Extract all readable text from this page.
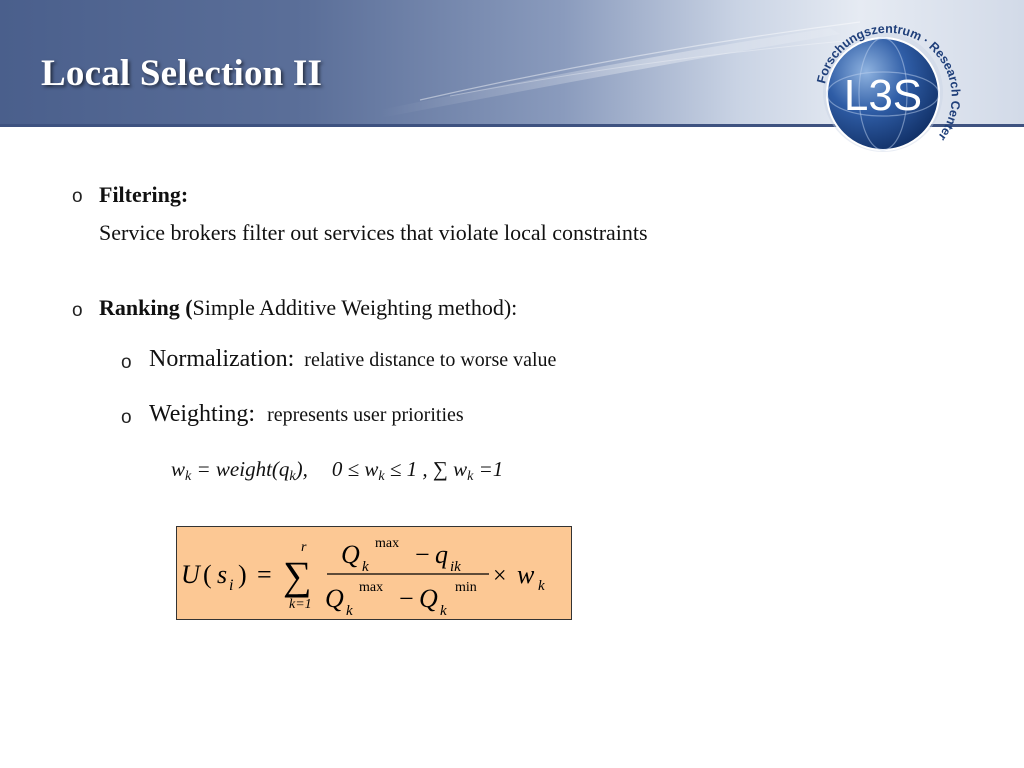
Local Selection II	L3S
Forschungszentrum · Research Center
o Filtering:
Service brokers filter out services that violate local constraints
o Ranking (Simple Additive Weighting method):
o Normalization: relative distance to worse value
o Weighting: represents user priorities
$w_k$ = $weight(q_k)$, $0 \le w_k \le 1$ , ∑ $w_k =1$
U ( s i ) = ∑
r
k=1
Q k
max − q ik
Q k
max − Q k
min × w k
